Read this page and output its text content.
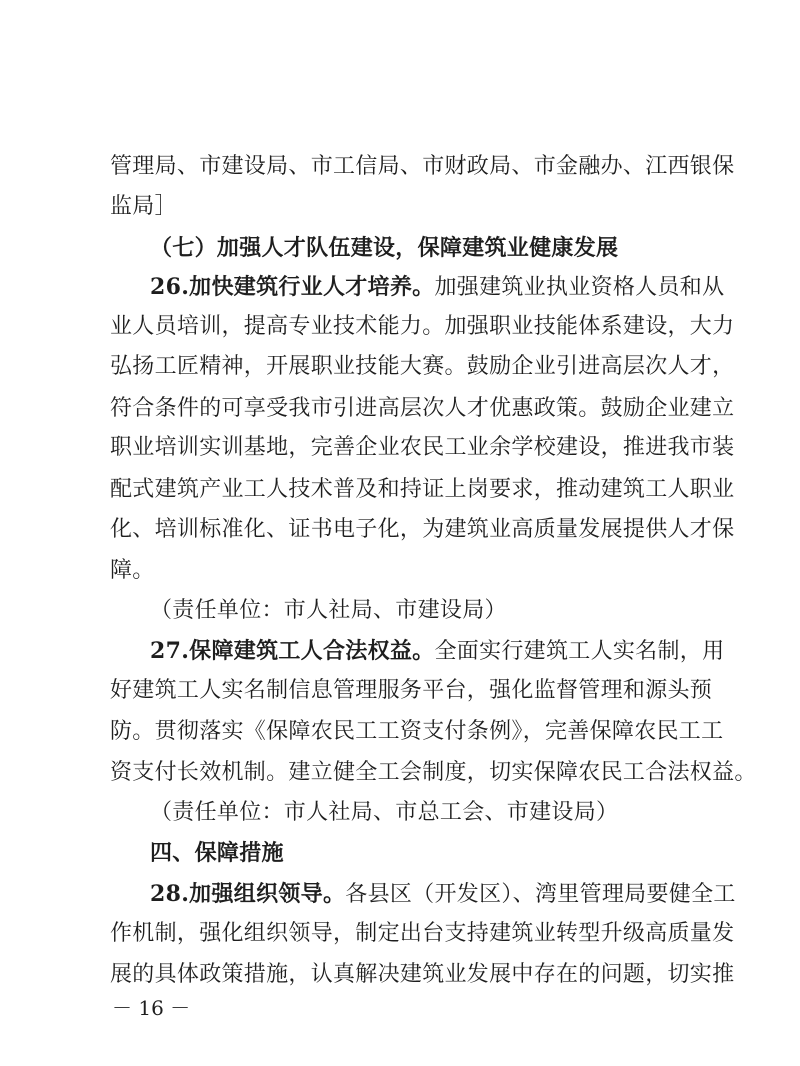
管理局、市建设局、市工信局、市财政局、市金融办、江西银保
监局］
（七）加强人才队伍建设，保障建筑业健康发展
26.加快建筑行业人才培养。加强建筑业执业资格人员和从
业人员培训，提高专业技术能力。加强职业技能体系建设，大力
弘扬工匠精神，开展职业技能大赛。鼓励企业引进高层次人才，
符合条件的可享受我市引进高层次人才优惠政策。鼓励企业建立
职业培训实训基地，完善企业农民工业余学校建设，推进我市装
配式建筑产业工人技术普及和持证上岗要求，推动建筑工人职业
化、培训标准化、证书电子化，为建筑业高质量发展提供人才保
障。
（责任单位：市人社局、市建设局）
27.保障建筑工人合法权益。全面实行建筑工人实名制，用
好建筑工人实名制信息管理服务平台，强化监督管理和源头预
防。贯彻落实《保障农民工工资支付条例》，完善保障农民工工
资支付长效机制。建立健全工会制度，切实保障农民工合法权益。
（责任单位：市人社局、市总工会、市建设局）
四、保障措施
28.加强组织领导。各县区（开发区）、湾里管理局要健全工
作机制，强化组织领导，制定出台支持建筑业转型升级高质量发
展的具体政策措施，认真解决建筑业发展中存在的问题，切实推
－ 16 －
